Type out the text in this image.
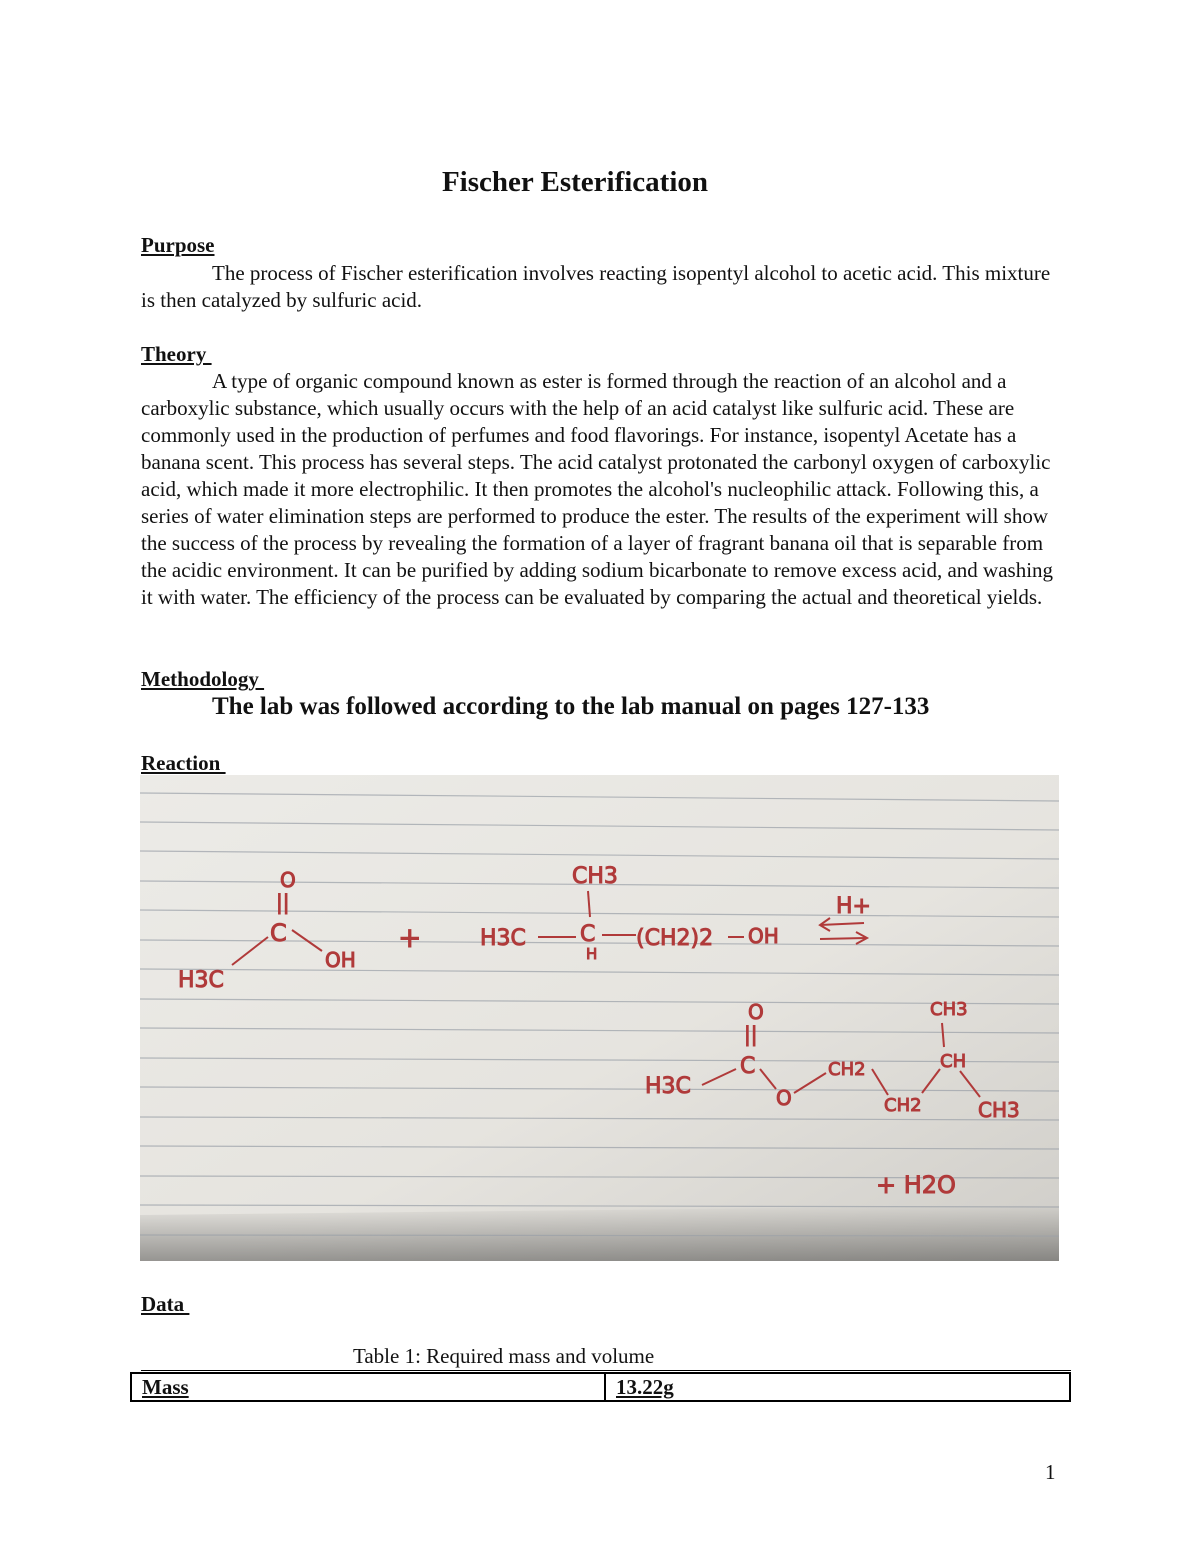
Fischer Esterification
Purpose
The process of Fischer esterification involves reacting isopentyl alcohol to acetic acid. This mixture is then catalyzed by sulfuric acid.
Theory
A type of organic compound known as ester is formed through the reaction of an alcohol and a carboxylic substance, which usually occurs with the help of an acid catalyst like sulfuric acid. These are commonly used in the production of perfumes and food flavorings. For instance, isopentyl Acetate has a banana scent. This process has several steps. The acid catalyst protonated the carbonyl oxygen of carboxylic acid, which made it more electrophilic. It then promotes the alcohol's nucleophilic attack. Following this, a series of water elimination steps are performed to produce the ester. The results of the experiment will show the success of the process by revealing the formation of a layer of fragrant banana oil that is separable from the acidic environment. It can be purified by adding sodium bicarbonate to remove excess acid, and washing it with water. The efficiency of the process can be evaluated by comparing the actual and theoretical yields.
Methodology
The lab was followed according to the lab manual on pages 127-133
Reaction
O
||
C
OH
H3C
+
CH3
H3C C
H
(CH2)2 OH
H+
O
||
C
H3C	O
CH2
CH2
CH
CH3
CH3
+ H2O
Data
Table 1: Required mass and volume
Mass	13.22g
1
